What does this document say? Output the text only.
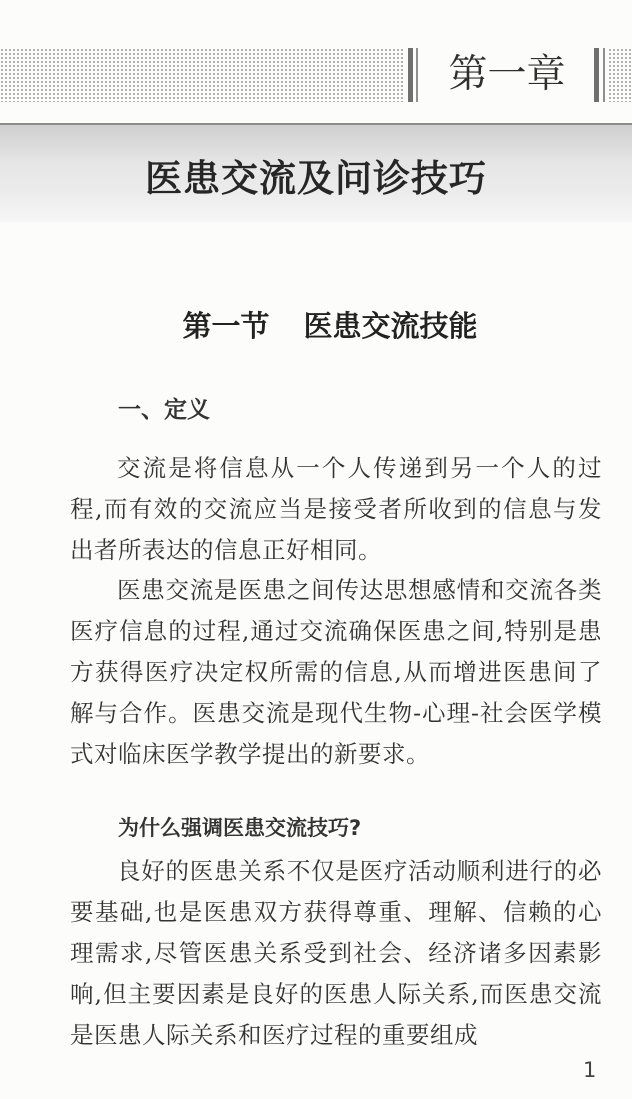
第一章
医患交流及问诊技巧
第一节 医患交流技能
一、定义

交流是将信息从一个人传递到另一个人的过程,而有效的交流应当是接受者所收到的信息与发出者所表达的信息正好相同。

医患交流是医患之间传达思想感情和交流各类医疗信息的过程,通过交流确保医患之间,特别是患方获得医疗决定权所需的信息,从而增进医患间了解与合作。医患交流是现代生物-心理-社会医学模式对临床医学教学提出的新要求。

为什么强调医患交流技巧?

良好的医患关系不仅是医疗活动顺利进行的必要基础,也是医患双方获得尊重、理解、信赖的心理需求,尽管医患关系受到社会、经济诸多因素影响,但主要因素是良好的医患人际关系,而医患交流是医患人际关系和医疗过程的重要组成

1
